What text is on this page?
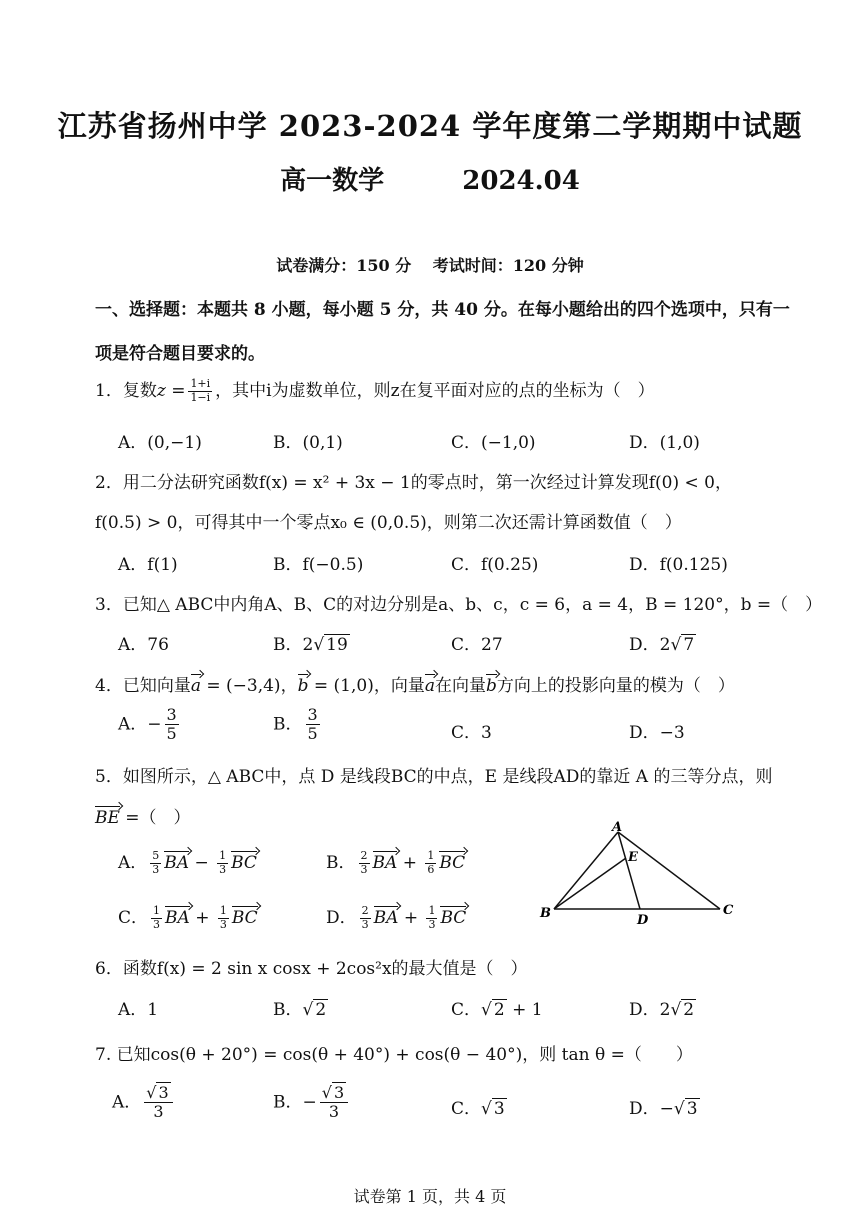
江苏省扬州中学 2023-2024 学年度第二学期期中试题
高一数学	2024.04
试卷满分：150 分 考试时间：120 分钟
一、选择题：本题共 8 小题，每小题 5 分，共 40 分。在每小题给出的四个选项中，只有一项是符合题目要求的。
1．复数$z = \frac{1+i}{1-i}$ ，其中i为虚数单位，则z在复平面对应的点的坐标为（　）
A．(0,−1)	B．(0,1)	C．(−1,0)	D．(1,0)
2．用二分法研究函数f(x) = x² + 3x − 1的零点时，第一次经过计算发现f(0) < 0，
f(0.5) > 0，可得其中一个零点x₀ ∈ (0,0.5)，则第二次还需计算函数值（　）
A．f(1)	B．f(−0.5)	C．f(0.25)	D．f(0.125)
3．已知△ ABC中内角A、B、C的对边分别是a、b、c，c = 6，a = 4，B = 120°，b =（　）
A．76	B．2√ 19	C．27	D．2√ 7
4．已知向量a = (−3,4)，b = (1,0)，向量a在向量b方向上的投影向量的模为（　）
A．− $\frac{3}{5}$	B． $\frac{3}{5}$	C．3	D．−3
5．如图所示，△ ABC中，点 D 是线段BC的中点，E 是线段AD的靠近 A 的三等分点，则
BE =（　）
A． $\frac{5}{3}$ BA − $\frac{1}{3}$ BC	B． $\frac{2}{3}$ BA + $\frac{1}{6}$ BC
C． $\frac{1}{3}$ BA + $\frac{1}{3}$ BC	D． $\frac{2}{3}$ BA + $\frac{1}{3}$ BC
A
B	C
D
E
6．函数f(x) = 2 sin x cosx + 2cos²x的最大值是（　）
A．1	B．√ 2	C．√ 2 + 1	D．2√ 2
7. 已知cos(θ + 20°) = cos(θ + 40°) + cos(θ − 40°)，则 tan θ =（　　）
A． $\frac{√ 3}{3}$	B．− $\frac{√ 3}{3}$	C．√ 3	D．−√ 3
试卷第 1 页，共 4 页
